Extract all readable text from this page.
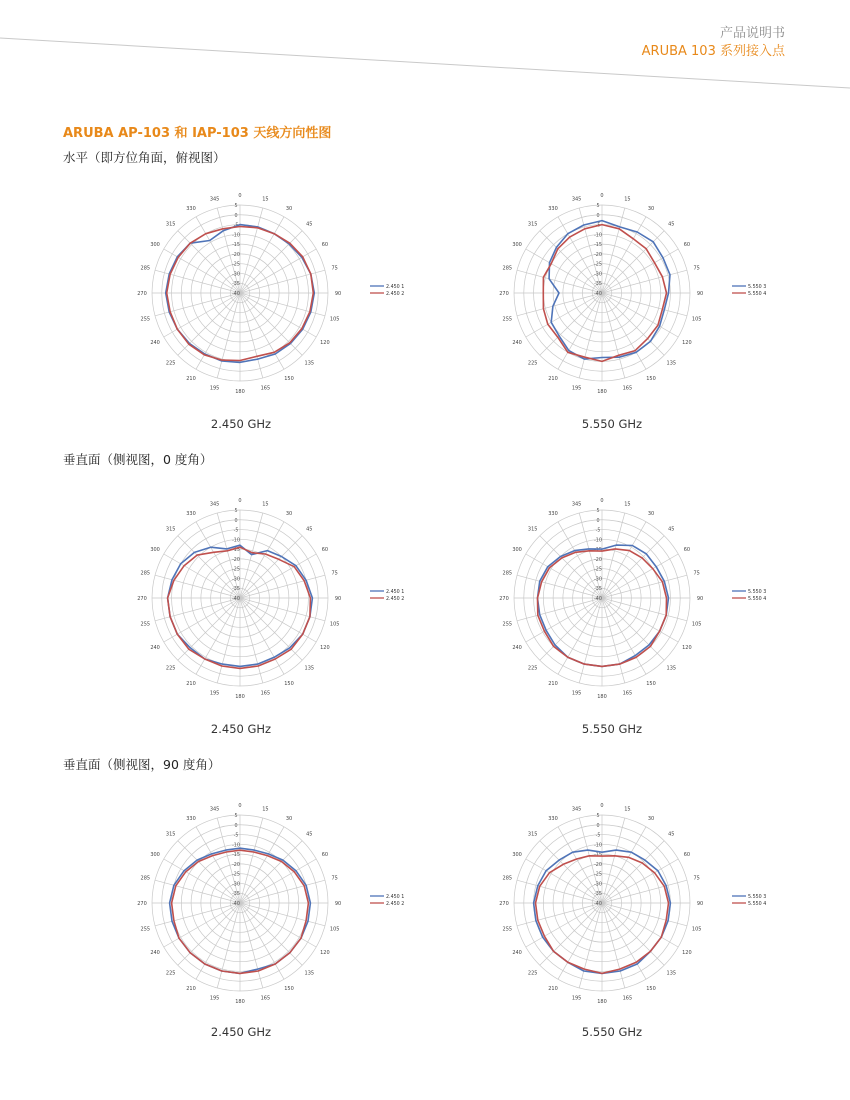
产品说明书
ARUBA 103 系列接入点
ARUBA AP-103 和 IAP-103 天线方向性图
水平（即方位角面，俯视图）
垂直面（侧视图，0 度角）
垂直面（侧视图，90 度角）
0
15
30
45
60
75
90
105
120
135
150
165
180
195
210
225
240
255
270
285
300
315
330
345
5
0
-5
-10
-15
-20
-25
-30
-35
-40
2.450 1
2.450 2
0
15
30
45
60
75
90
105
120
135
150
165
180
195
210
225
240
255
270
285
300
315
330
345
5
0
-5
-10
-15
-20
-25
-30
-35
-40
5.550 3
5.550 4
0
15
30
45
60
75
90
105
120
135
150
165
180
195
210
225
240
255
270
285
300
315
330
345
5
0
-5
-10
-15
-20
-25
-30
-35
-40
2.450 1
2.450 2
0
15
30
45
60
75
90
105
120
135
150
165
180
195
210
225
240
255
270
285
300
315
330
345
5
0
-5
-10
-15
-20
-25
-30
-35
-40
5.550 3
5.550 4
0
15
30
45
60
75
90
105
120
135
150
165
180
195
210
225
240
255
270
285
300
315
330
345
5
0
-5
-10
-15
-20
-25
-30
-35
-40
2.450 1
2.450 2
0
15
30
45
60
75
90
105
120
135
150
165
180
195
210
225
240
255
270
285
300
315
330
345
5
0
-5
-10
-15
-20
-25
-30
-35
-40
5.550 3
5.550 4
2.450 GHz	5.550 GHz
2.450 GHz	5.550 GHz
2.450 GHz	5.550 GHz
